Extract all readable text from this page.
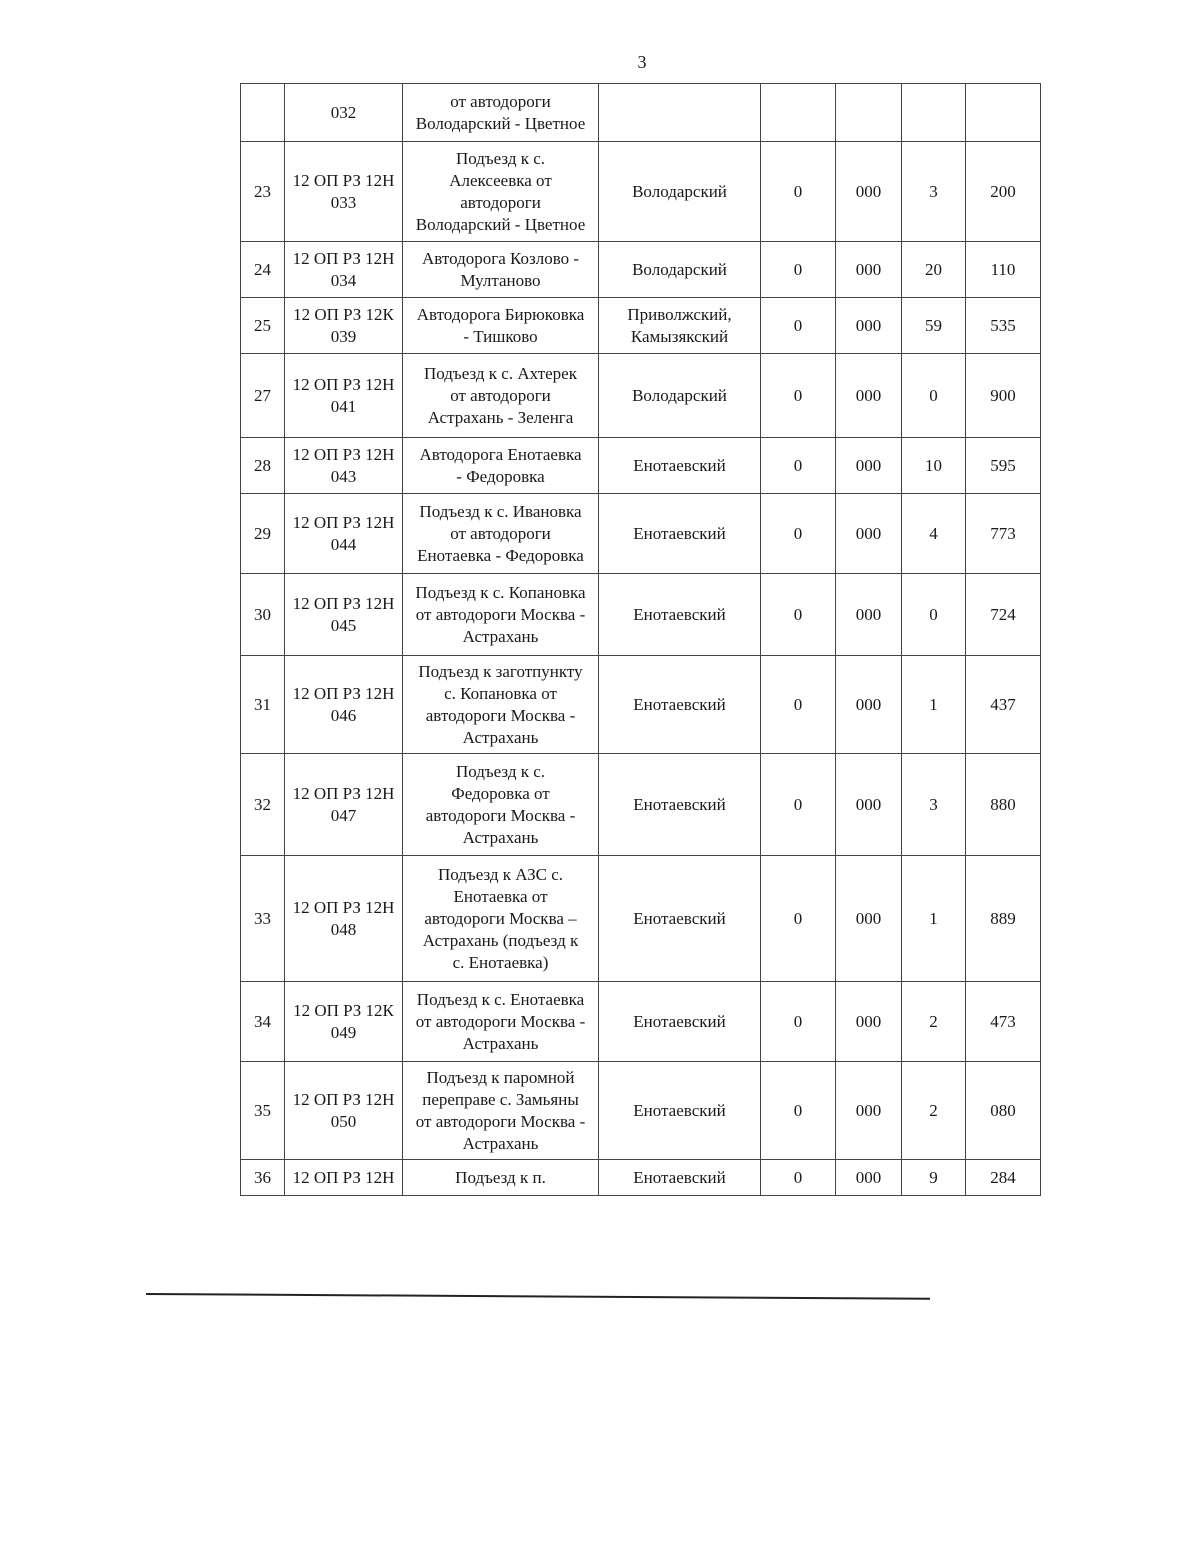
3
	032	от автодороги
Володарский - Цветное					
23	12 ОП РЗ 12Н
033	Подъезд к с.
Алексеевка от
автодороги
Володарский - Цветное	Володарский	0	000	3	200
24	12 ОП РЗ 12Н
034	Автодорога Козлово -
Мултаново	Володарский	0	000	20	110
25	12 ОП РЗ 12К
039	Автодорога Бирюковка
- Тишково	Приволжский,
Камызякский	0	000	59	535
27	12 ОП РЗ 12Н
041	Подъезд к с. Ахтерек
от автодороги
Астрахань - Зеленга	Володарский	0	000	0	900
28	12 ОП РЗ 12Н
043	Автодорога Енотаевка
- Федоровка	Енотаевский	0	000	10	595
29	12 ОП РЗ 12Н
044	Подъезд к с. Ивановка
от автодороги
Енотаевка - Федоровка	Енотаевский	0	000	4	773
30	12 ОП РЗ 12Н
045	Подъезд к с. Копановка
от автодороги Москва -
Астрахань	Енотаевский	0	000	0	724
31	12 ОП РЗ 12Н
046	Подъезд к заготпункту
с. Копановка от
автодороги Москва -
Астрахань	Енотаевский	0	000	1	437
32	12 ОП РЗ 12Н
047	Подъезд к с.
Федоровка от
автодороги Москва -
Астрахань	Енотаевский	0	000	3	880
33	12 ОП РЗ 12Н
048	Подъезд к АЗС с.
Енотаевка от
автодороги Москва –
Астрахань (подъезд к
с. Енотаевка)	Енотаевский	0	000	1	889
34	12 ОП РЗ 12К
049	Подъезд к с. Енотаевка
от автодороги Москва -
Астрахань	Енотаевский	0	000	2	473
35	12 ОП РЗ 12Н
050	Подъезд к паромной
переправе с. Замьяны
от автодороги Москва -
Астрахань	Енотаевский	0	000	2	080
36	12 ОП РЗ 12Н	Подъезд к п.	Енотаевский	0	000	9	284
